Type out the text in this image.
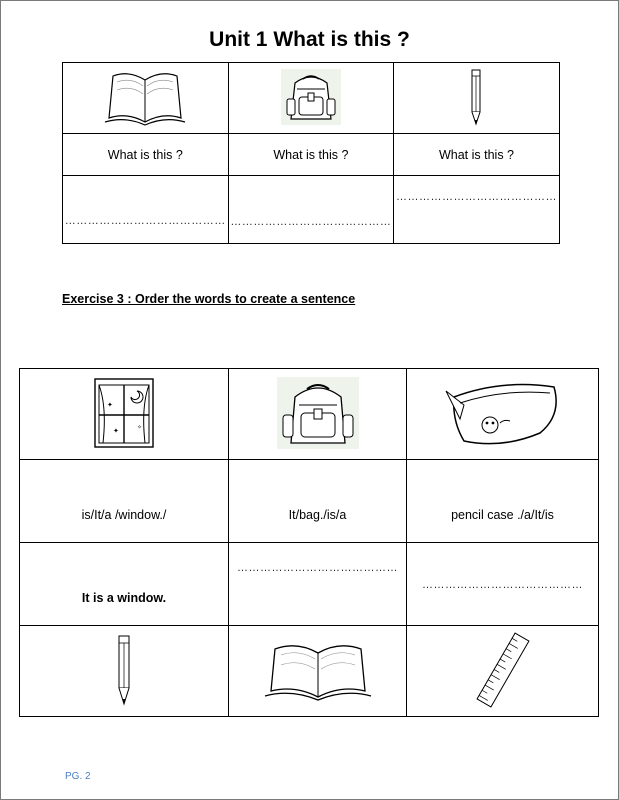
Unit 1 What is this ?

What is this ?	What is this ?	What is this ?

……………………………………	……………………………………	……………………………………
Exercise 3 : Order the words to create a sentence
✦
✦ ✧

is/It/a /window./	It/bag./is/a	pencil case ./a/It/is

It is a window.	……………………………………	……………………………………

PG. 2
